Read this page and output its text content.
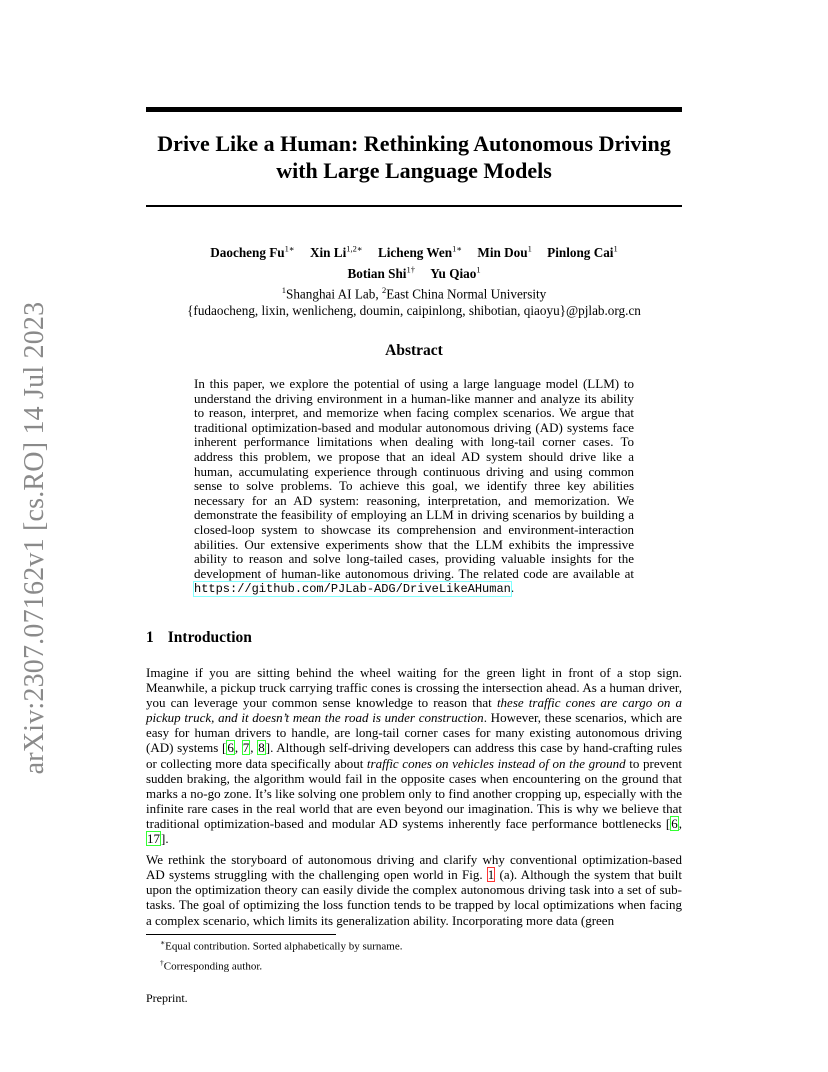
arXiv:2307.07162v1 [cs.RO] 14 Jul 2023
Drive Like a Human: Rethinking Autonomous Driving
with Large Language Models
Daocheng $Fu^{1∗}$ Xin $Li^{1,2∗}$ Licheng Wen$^{1∗}$ Min Dou$^1$ Pinlong Cai$^1$
Botian Shi$^{1\dagger}$ Yu Qiao$^1$
$^1$Shanghai AI Lab, $^2$East China Normal University
{fudaocheng, lixin, wenlicheng, doumin, caipinlong, shibotian, qiaoyu}@pjlab.org.cn
Abstract
In this paper, we explore the potential of using a large language model (LLM) to understand the driving environment in a human-like manner and analyze its ability to reason, interpret, and memorize when facing complex scenarios. We argue that traditional optimization-based and modular autonomous driving (AD) systems face inherent performance limitations when dealing with long-tail corner cases. To address this problem, we propose that an ideal AD system should drive like a human, accumulating experience through continuous driving and using common sense to solve problems. To achieve this goal, we identify three key abilities necessary for an AD system: reasoning, interpretation, and memorization. We demonstrate the feasibility of employing an LLM in driving scenarios by building a closed-loop system to showcase its comprehension and environment-interaction abilities. Our extensive experiments show that the LLM exhibits the impressive ability to reason and solve long-tailed cases, providing valuable insights for the development of human-like autonomous driving. The related code are available at https://github.com/PJLab-ADG/DriveLikeAHuman.
1 Introduction

Imagine if you are sitting behind the wheel waiting for the green light in front of a stop sign. Meanwhile, a pickup truck carrying traffic cones is crossing the intersection ahead. As a human driver, you can leverage your common sense knowledge to reason that these traffic cones are cargo on a pickup truck, and it doesn’t mean the road is under construction. However, these scenarios, which are easy for human drivers to handle, are long-tail corner cases for many existing autonomous driving (AD) systems [6, 7, 8]. Although self-driving developers can address this case by hand-crafting rules or collecting more data specifically about traffic cones on vehicles instead of on the ground to prevent sudden braking, the algorithm would fail in the opposite cases when encountering on the ground that marks a no-go zone. It’s like solving one problem only to find another cropping up, especially with the infinite rare cases in the real world that are even beyond our imagination. This is why we believe that traditional optimization-based and modular AD systems inherently face performance bottlenecks [6, 17].

We rethink the storyboard of autonomous driving and clarify why conventional optimization-based AD systems struggling with the challenging open world in Fig. 1 (a). Although the system that built upon the optimization theory can easily divide the complex autonomous driving task into a set of sub-tasks. The goal of optimizing the loss function tends to be trapped by local optimizations when facing a complex scenario, which limits its generalization ability. Incorporating more data (green

∗Equal contribution. Sorted alphabetically by surname.
†Corresponding author.
Preprint.
